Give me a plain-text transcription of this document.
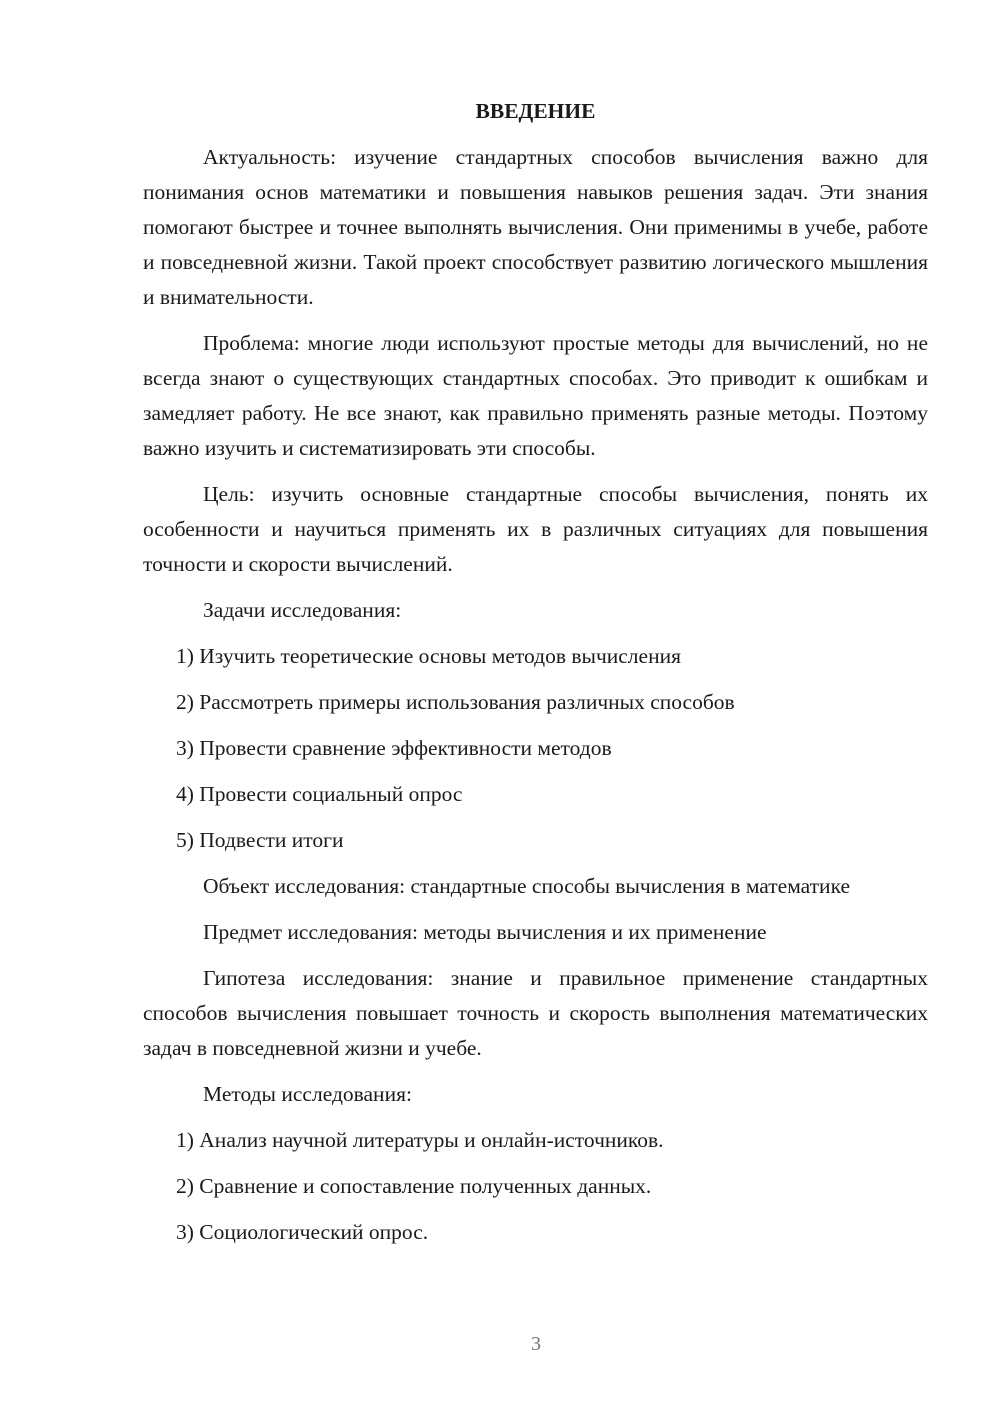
ВВЕДЕНИЕ
Актуальность: изучение стандартных способов вычисления важно для понимания основ математики и повышения навыков решения задач. Эти знания помогают быстрее и точнее выполнять вычисления. Они применимы в учебе, работе и повседневной жизни. Такой проект способствует развитию логического мышления и внимательности.
Проблема: многие люди используют простые методы для вычислений, но не всегда знают о существующих стандартных способах. Это приводит к ошибкам и замедляет работу. Не все знают, как правильно применять разные методы. Поэтому важно изучить и систематизировать эти способы.
Цель: изучить основные стандартные способы вычисления, понять их особенности и научиться применять их в различных ситуациях для повышения точности и скорости вычислений.
Задачи исследования:
1) Изучить теоретические основы методов вычисления
2) Рассмотреть примеры использования различных способов
3) Провести сравнение эффективности методов
4) Провести социальный опрос
5) Подвести итоги
Объект исследования: стандартные способы вычисления в математике
Предмет исследования: методы вычисления и их применение
Гипотеза исследования: знание и правильное применение стандартных способов вычисления повышает точность и скорость выполнения математических задач в повседневной жизни и учебе.
Методы исследования:
1) Анализ научной литературы и онлайн-источников.
2) Сравнение и сопоставление полученных данных.
3) Социологический опрос.
3
